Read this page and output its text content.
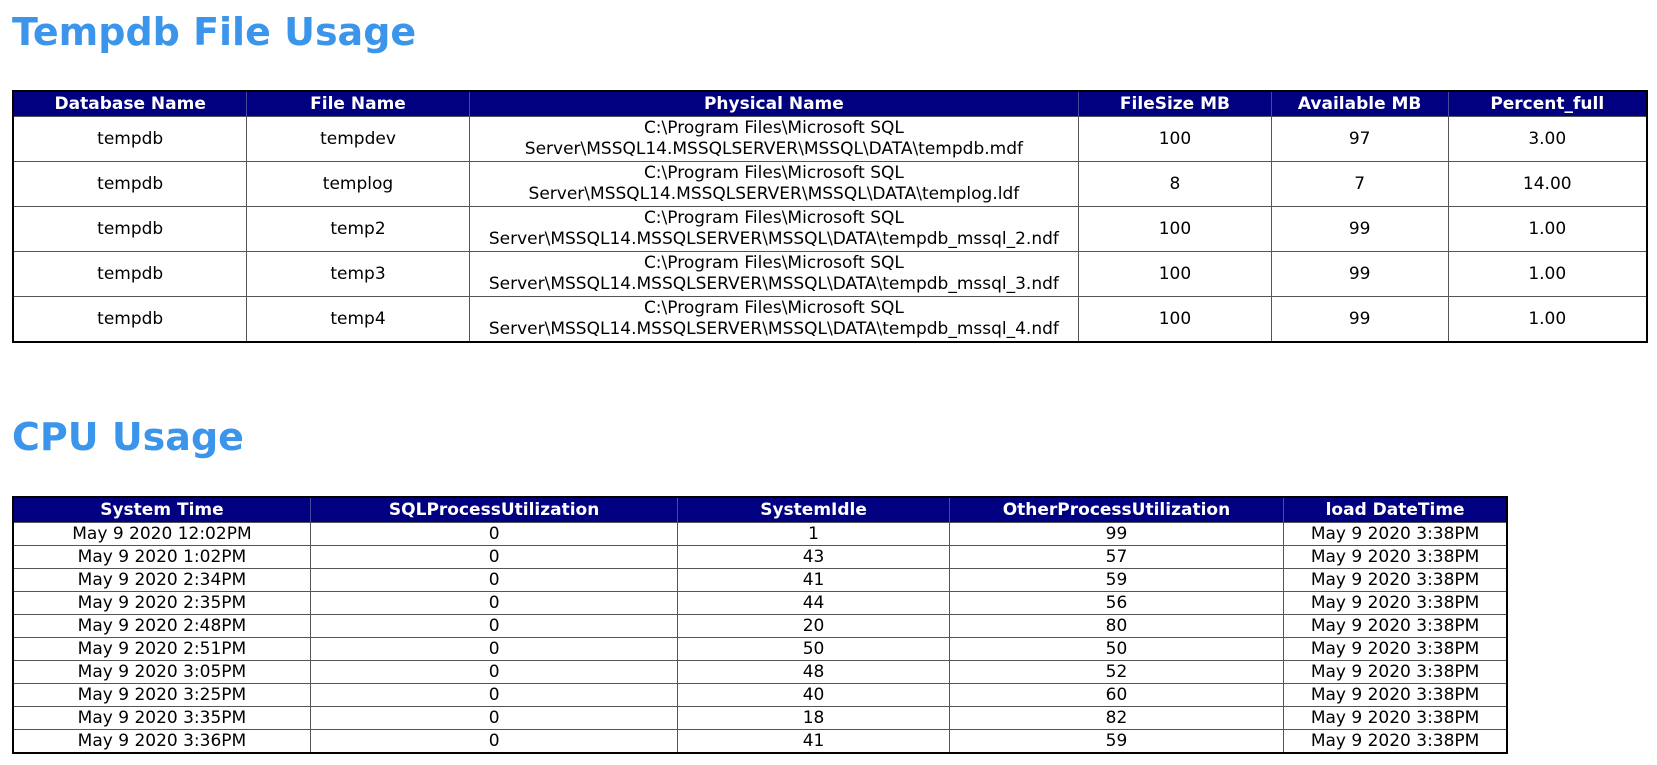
Tempdb File Usage
Database Name	File Name	Physical Name	FileSize MB	Available MB	Percent_full
tempdb	tempdev	C:\Program Files\Microsoft SQL Server\MSSQL14.MSSQLSERVER\MSSQL\DATA\tempdb.mdf	100	97	3.00
tempdb	templog	C:\Program Files\Microsoft SQL Server\MSSQL14.MSSQLSERVER\MSSQL\DATA\templog.ldf	8	7	14.00
tempdb	temp2	C:\Program Files\Microsoft SQL Server\MSSQL14.MSSQLSERVER\MSSQL\DATA\tempdb_mssql_2.ndf	100	99	1.00
tempdb	temp3	C:\Program Files\Microsoft SQL Server\MSSQL14.MSSQLSERVER\MSSQL\DATA\tempdb_mssql_3.ndf	100	99	1.00
tempdb	temp4	C:\Program Files\Microsoft SQL Server\MSSQL14.MSSQLSERVER\MSSQL\DATA\tempdb_mssql_4.ndf	100	99	1.00
CPU Usage
System Time	SQLProcessUtilization	SystemIdle	OtherProcessUtilization	load DateTime
May 9 2020 12:02PM	0	1	99	May 9 2020 3:38PM
May 9 2020 1:02PM	0	43	57	May 9 2020 3:38PM
May 9 2020 2:34PM	0	41	59	May 9 2020 3:38PM
May 9 2020 2:35PM	0	44	56	May 9 2020 3:38PM
May 9 2020 2:48PM	0	20	80	May 9 2020 3:38PM
May 9 2020 2:51PM	0	50	50	May 9 2020 3:38PM
May 9 2020 3:05PM	0	48	52	May 9 2020 3:38PM
May 9 2020 3:25PM	0	40	60	May 9 2020 3:38PM
May 9 2020 3:35PM	0	18	82	May 9 2020 3:38PM
May 9 2020 3:36PM	0	41	59	May 9 2020 3:38PM
